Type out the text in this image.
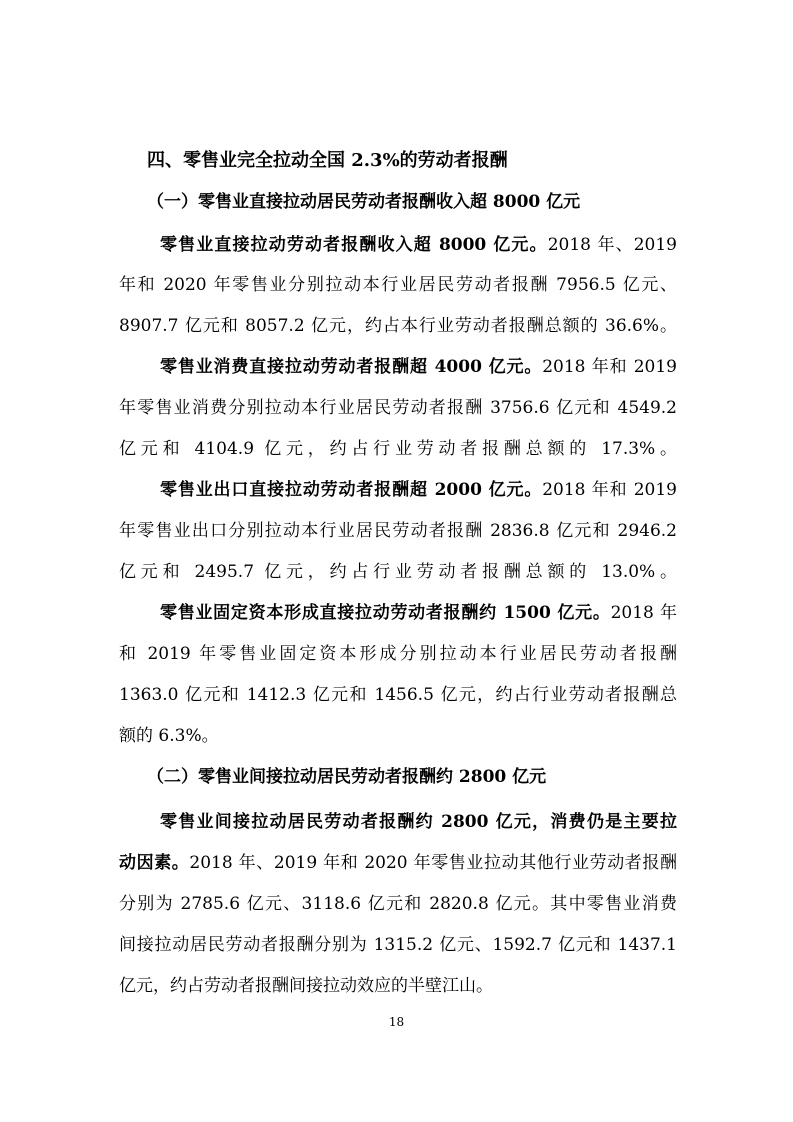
四、零售业完全拉动全国 2.3%的劳动者报酬
（一）零售业直接拉动居民劳动者报酬收入超 8000 亿元
零售业直接拉动劳动者报酬收入超 8000 亿元。2018 年、2019
年和 2020 年零售业分别拉动本行业居民劳动者报酬 7956.5 亿元、
8907.7 亿元和 8057.2 亿元，约占本行业劳动者报酬总额的 36.6%。
零售业消费直接拉动劳动者报酬超 4000 亿元。2018 年和 2019
年零售业消费分别拉动本行业居民劳动者报酬 3756.6 亿元和 4549.2
亿元和 4104.9 亿元，约占行业劳动者报酬总额的 17.3%。
零售业出口直接拉动劳动者报酬超 2000 亿元。2018 年和 2019
年零售业出口分别拉动本行业居民劳动者报酬 2836.8 亿元和 2946.2
亿元和 2495.7 亿元，约占行业劳动者报酬总额的 13.0%。
零售业固定资本形成直接拉动劳动者报酬约 1500 亿元。2018 年
和 2019 年零售业固定资本形成分别拉动本行业居民劳动者报酬
1363.0 亿元和 1412.3 亿元和 1456.5 亿元，约占行业劳动者报酬总
额的 6.3%。
（二）零售业间接拉动居民劳动者报酬约 2800 亿元
零售业间接拉动居民劳动者报酬约 2800 亿元，消费仍是主要拉
动因素。2018 年、2019 年和 2020 年零售业拉动其他行业劳动者报酬
分别为 2785.6 亿元、3118.6 亿元和 2820.8 亿元。其中零售业消费
间接拉动居民劳动者报酬分别为 1315.2 亿元、1592.7 亿元和 1437.1
亿元，约占劳动者报酬间接拉动效应的半壁江山。
18
